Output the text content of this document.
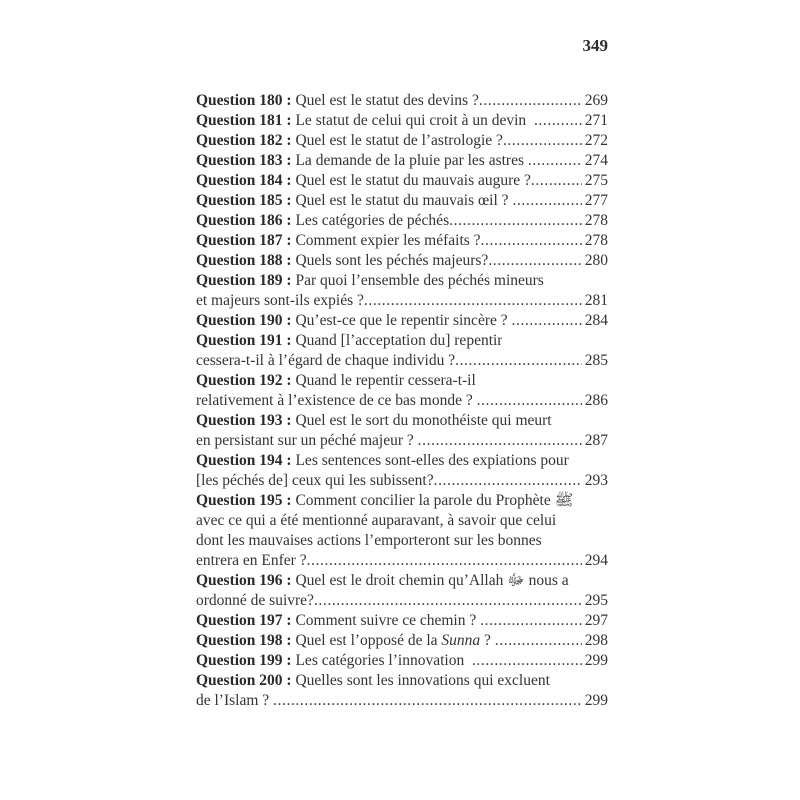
349
Question 180 : Quel est le statut des devins ? .....	269
Question 181 : Le statut de celui qui croit à un devin .....	271
Question 182 : Quel est le statut de l’astrologie ? .....	272
Question 183 : La demande de la pluie par les astres .....	274
Question 184 : Quel est le statut du mauvais augure ? .....	275
Question 185 : Quel est le statut du mauvais œil ? .....	277
Question 186 : Les catégories de péchés .....	278
Question 187 : Comment expier les méfaits ? .....	278
Question 188 : Quels sont les péchés majeurs? .....	280
Question 189 : Par quoi l’ensemble des péchés mineurs
et majeurs sont-ils expiés ? .....	281
Question 190 : Qu’est-ce que le repentir sincère ? .....	284
Question 191 : Quand [l’acceptation du] repentir
cessera-t-il à l’égard de chaque individu ? .....	285
Question 192 : Quand le repentir cessera-t-il
relativement à l’existence de ce bas monde ? .....	286
Question 193 : Quel est le sort du monothéiste qui meurt
en persistant sur un péché majeur ? .....	287
Question 194 : Les sentences sont-elles des expiations pour
[les péchés de] ceux qui les subissent? .....	293
Question 195 : Comment concilier la parole du Prophète ﷺ
avec ce qui a été mentionné auparavant, à savoir que celui
dont les mauvaises actions l’emporteront sur les bonnes
entrera en Enfer ? .....	294
Question 196 : Quel est le droit chemin qu’Allah ﷻ nous a
ordonné de suivre? .....	295
Question 197 : Comment suivre ce chemin ? .....	297
Question 198 : Quel est l’opposé de la Sunna ? .....	298
Question 199 : Les catégories l’innovation .....	299
Question 200 : Quelles sont les innovations qui excluent
de l’Islam ? .....	299
